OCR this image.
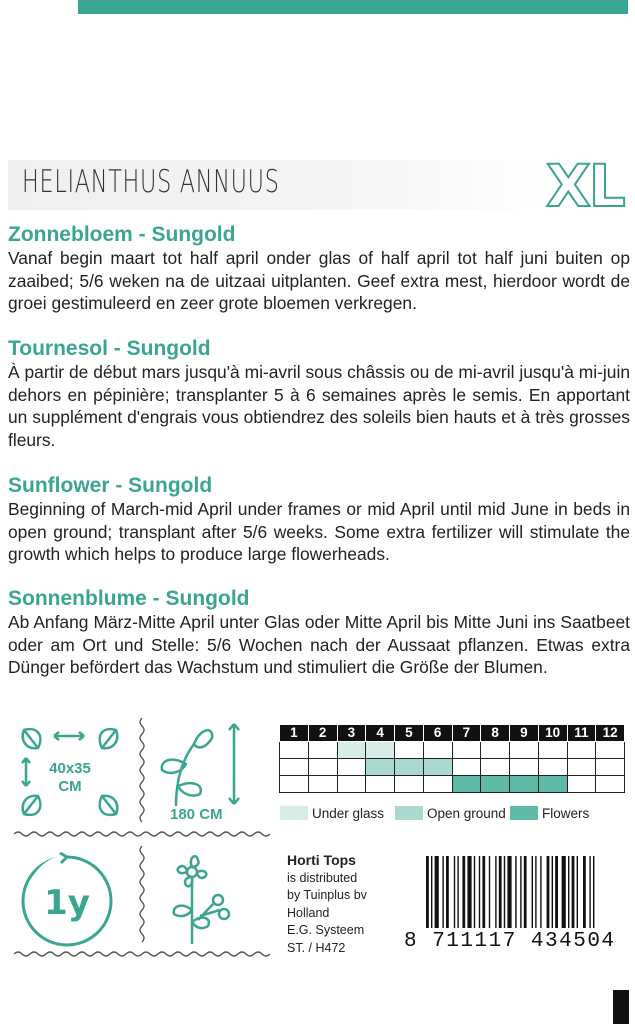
HELIANTHUS ANNUUS	XL
Zonnebloem - Sungold

Vanaf begin maart tot half april onder glas of half april tot half juni buiten op zaaibed; 5/6 weken na de uitzaai uitplanten. Geef extra mest, hierdoor wordt de groei gestimuleerd en zeer grote bloemen verkregen.

Tournesol - Sungold

À partir de début mars jusqu'à mi-avril sous châssis ou de mi-avril jusqu'à mi-juin dehors en pépinière; transplanter 5 à 6 semaines après le semis. En apportant un supplément d'engrais vous obtiendrez des soleils bien hauts et à très grosses fleurs.

Sunflower - Sungold

Beginning of March-mid April under frames or mid April until mid June in beds in open ground; transplant after 5/6 weeks. Some extra fertilizer will stimulate the growth which helps to produce large flowerheads.

Sonnenblume - Sungold

Ab Anfang März-Mitte April unter Glas oder Mitte April bis Mitte Juni ins Saatbeet oder am Ort und Stelle: 5/6 Wochen nach der Aussaat pflanzen. Etwas extra Dünger befördert das Wachstum und stimuliert die Größe der Blumen.

40x35
CM
180 CM
1y
1	2	3	4	5	6	7	8	9	10	11	12

Under glass	Open ground	Flowers
Horti Tops
is distributed
by Tuinplus bv
Holland
E.G. Systeem
ST. / H472	8 711117 434504
